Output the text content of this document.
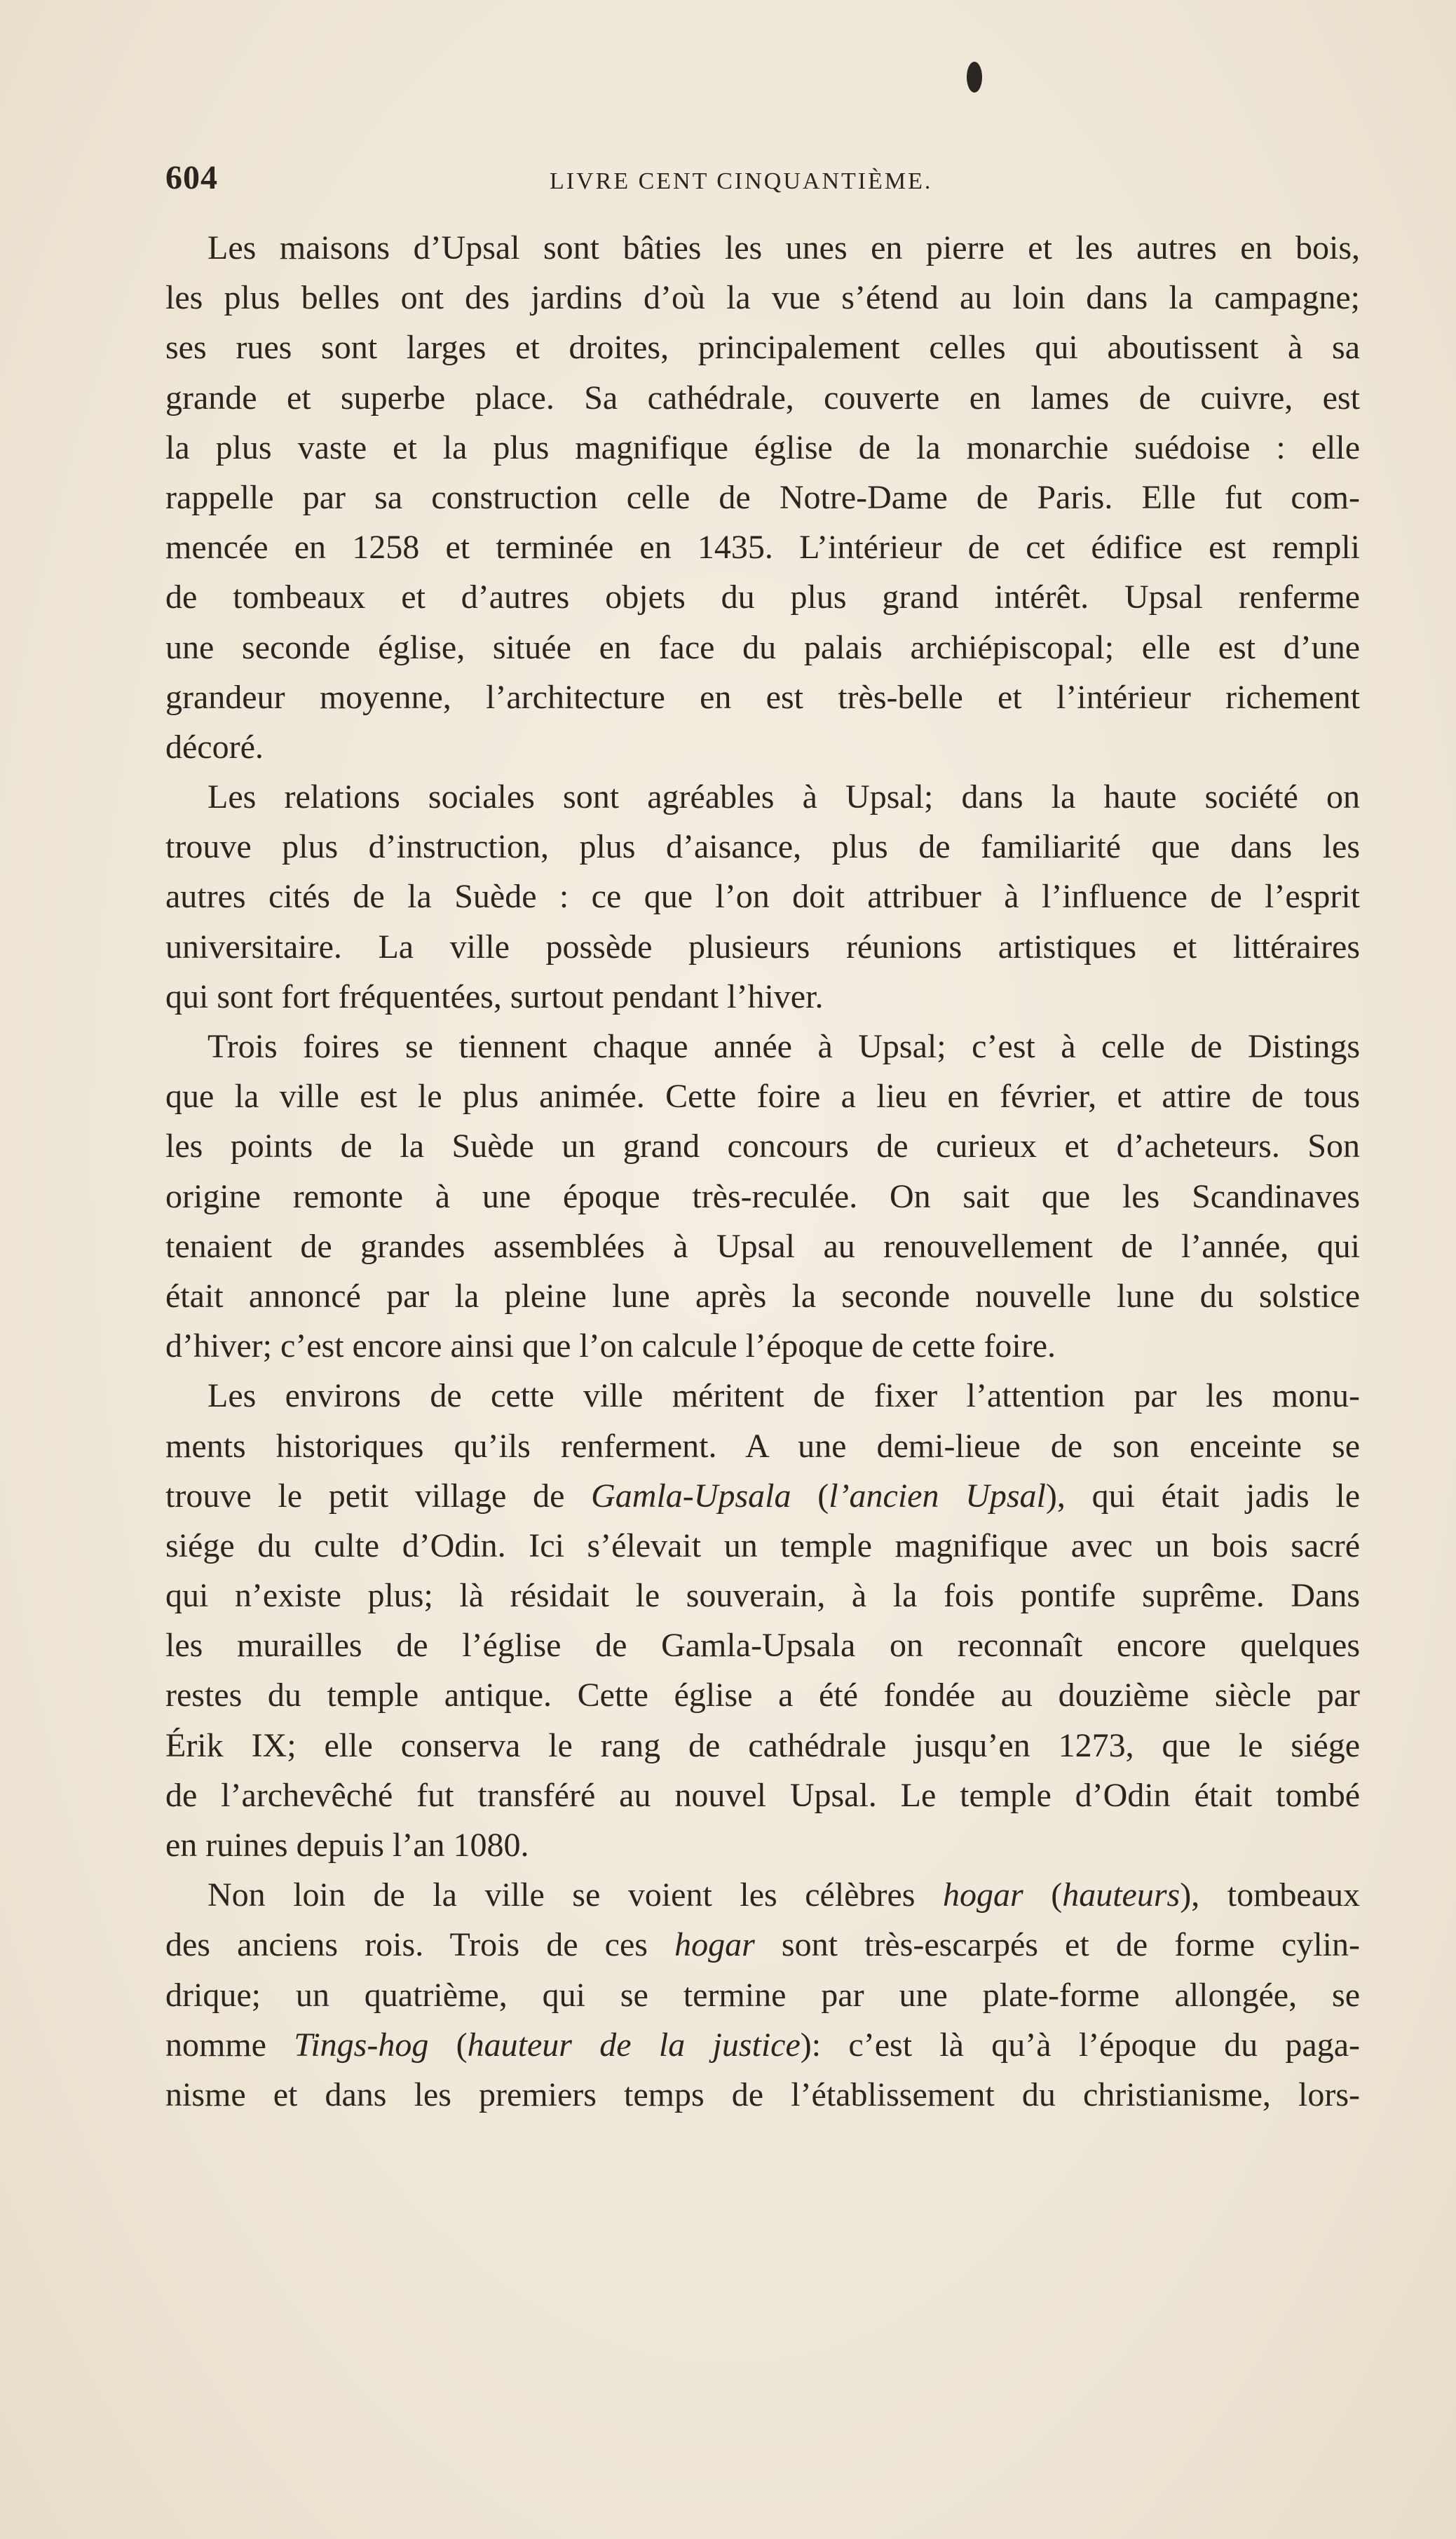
604	LIVRE CENT CINQUANTIÈME.
Les maisons d’Upsal sont bâties les unes en pierre et les autres en bois,
les plus belles ont des jardins d’où la vue s’étend au loin dans la campagne;
ses rues sont larges et droites, principalement celles qui aboutissent à sa
grande et superbe place. Sa cathédrale, couverte en lames de cuivre, est
la plus vaste et la plus magnifique église de la monarchie suédoise : elle
rappelle par sa construction celle de Notre-Dame de Paris. Elle fut com-
mencée en 1258 et terminée en 1435. L’intérieur de cet édifice est rempli
de tombeaux et d’autres objets du plus grand intérêt. Upsal renferme
une seconde église, située en face du palais archiépiscopal; elle est d’une
grandeur moyenne, l’architecture en est très-belle et l’intérieur richement
décoré.
Les relations sociales sont agréables à Upsal; dans la haute société on
trouve plus d’instruction, plus d’aisance, plus de familiarité que dans les
autres cités de la Suède : ce que l’on doit attribuer à l’influence de l’esprit
universitaire. La ville possède plusieurs réunions artistiques et littéraires
qui sont fort fréquentées, surtout pendant l’hiver.
Trois foires se tiennent chaque année à Upsal; c’est à celle de Distings
que la ville est le plus animée. Cette foire a lieu en février, et attire de tous
les points de la Suède un grand concours de curieux et d’acheteurs. Son
origine remonte à une époque très-reculée. On sait que les Scandinaves
tenaient de grandes assemblées à Upsal au renouvellement de l’année, qui
était annoncé par la pleine lune après la seconde nouvelle lune du solstice
d’hiver; c’est encore ainsi que l’on calcule l’époque de cette foire.
Les environs de cette ville méritent de fixer l’attention par les monu-
ments historiques qu’ils renferment. A une demi-lieue de son enceinte se
trouve le petit village de Gamla-Upsala (l’ancien Upsal), qui était jadis le
siége du culte d’Odin. Ici s’élevait un temple magnifique avec un bois sacré
qui n’existe plus; là résidait le souverain, à la fois pontife suprême. Dans
les murailles de l’église de Gamla-Upsala on reconnaît encore quelques
restes du temple antique. Cette église a été fondée au douzième siècle par
Érik IX; elle conserva le rang de cathédrale jusqu’en 1273, que le siége
de l’archevêché fut transféré au nouvel Upsal. Le temple d’Odin était tombé
en ruines depuis l’an 1080.
Non loin de la ville se voient les célèbres hogar (hauteurs), tombeaux
des anciens rois. Trois de ces hogar sont très-escarpés et de forme cylin-
drique; un quatrième, qui se termine par une plate-forme allongée, se
nomme Tings-hog (hauteur de la justice): c’est là qu’à l’époque du paga-
nisme et dans les premiers temps de l’établissement du christianisme, lors-
